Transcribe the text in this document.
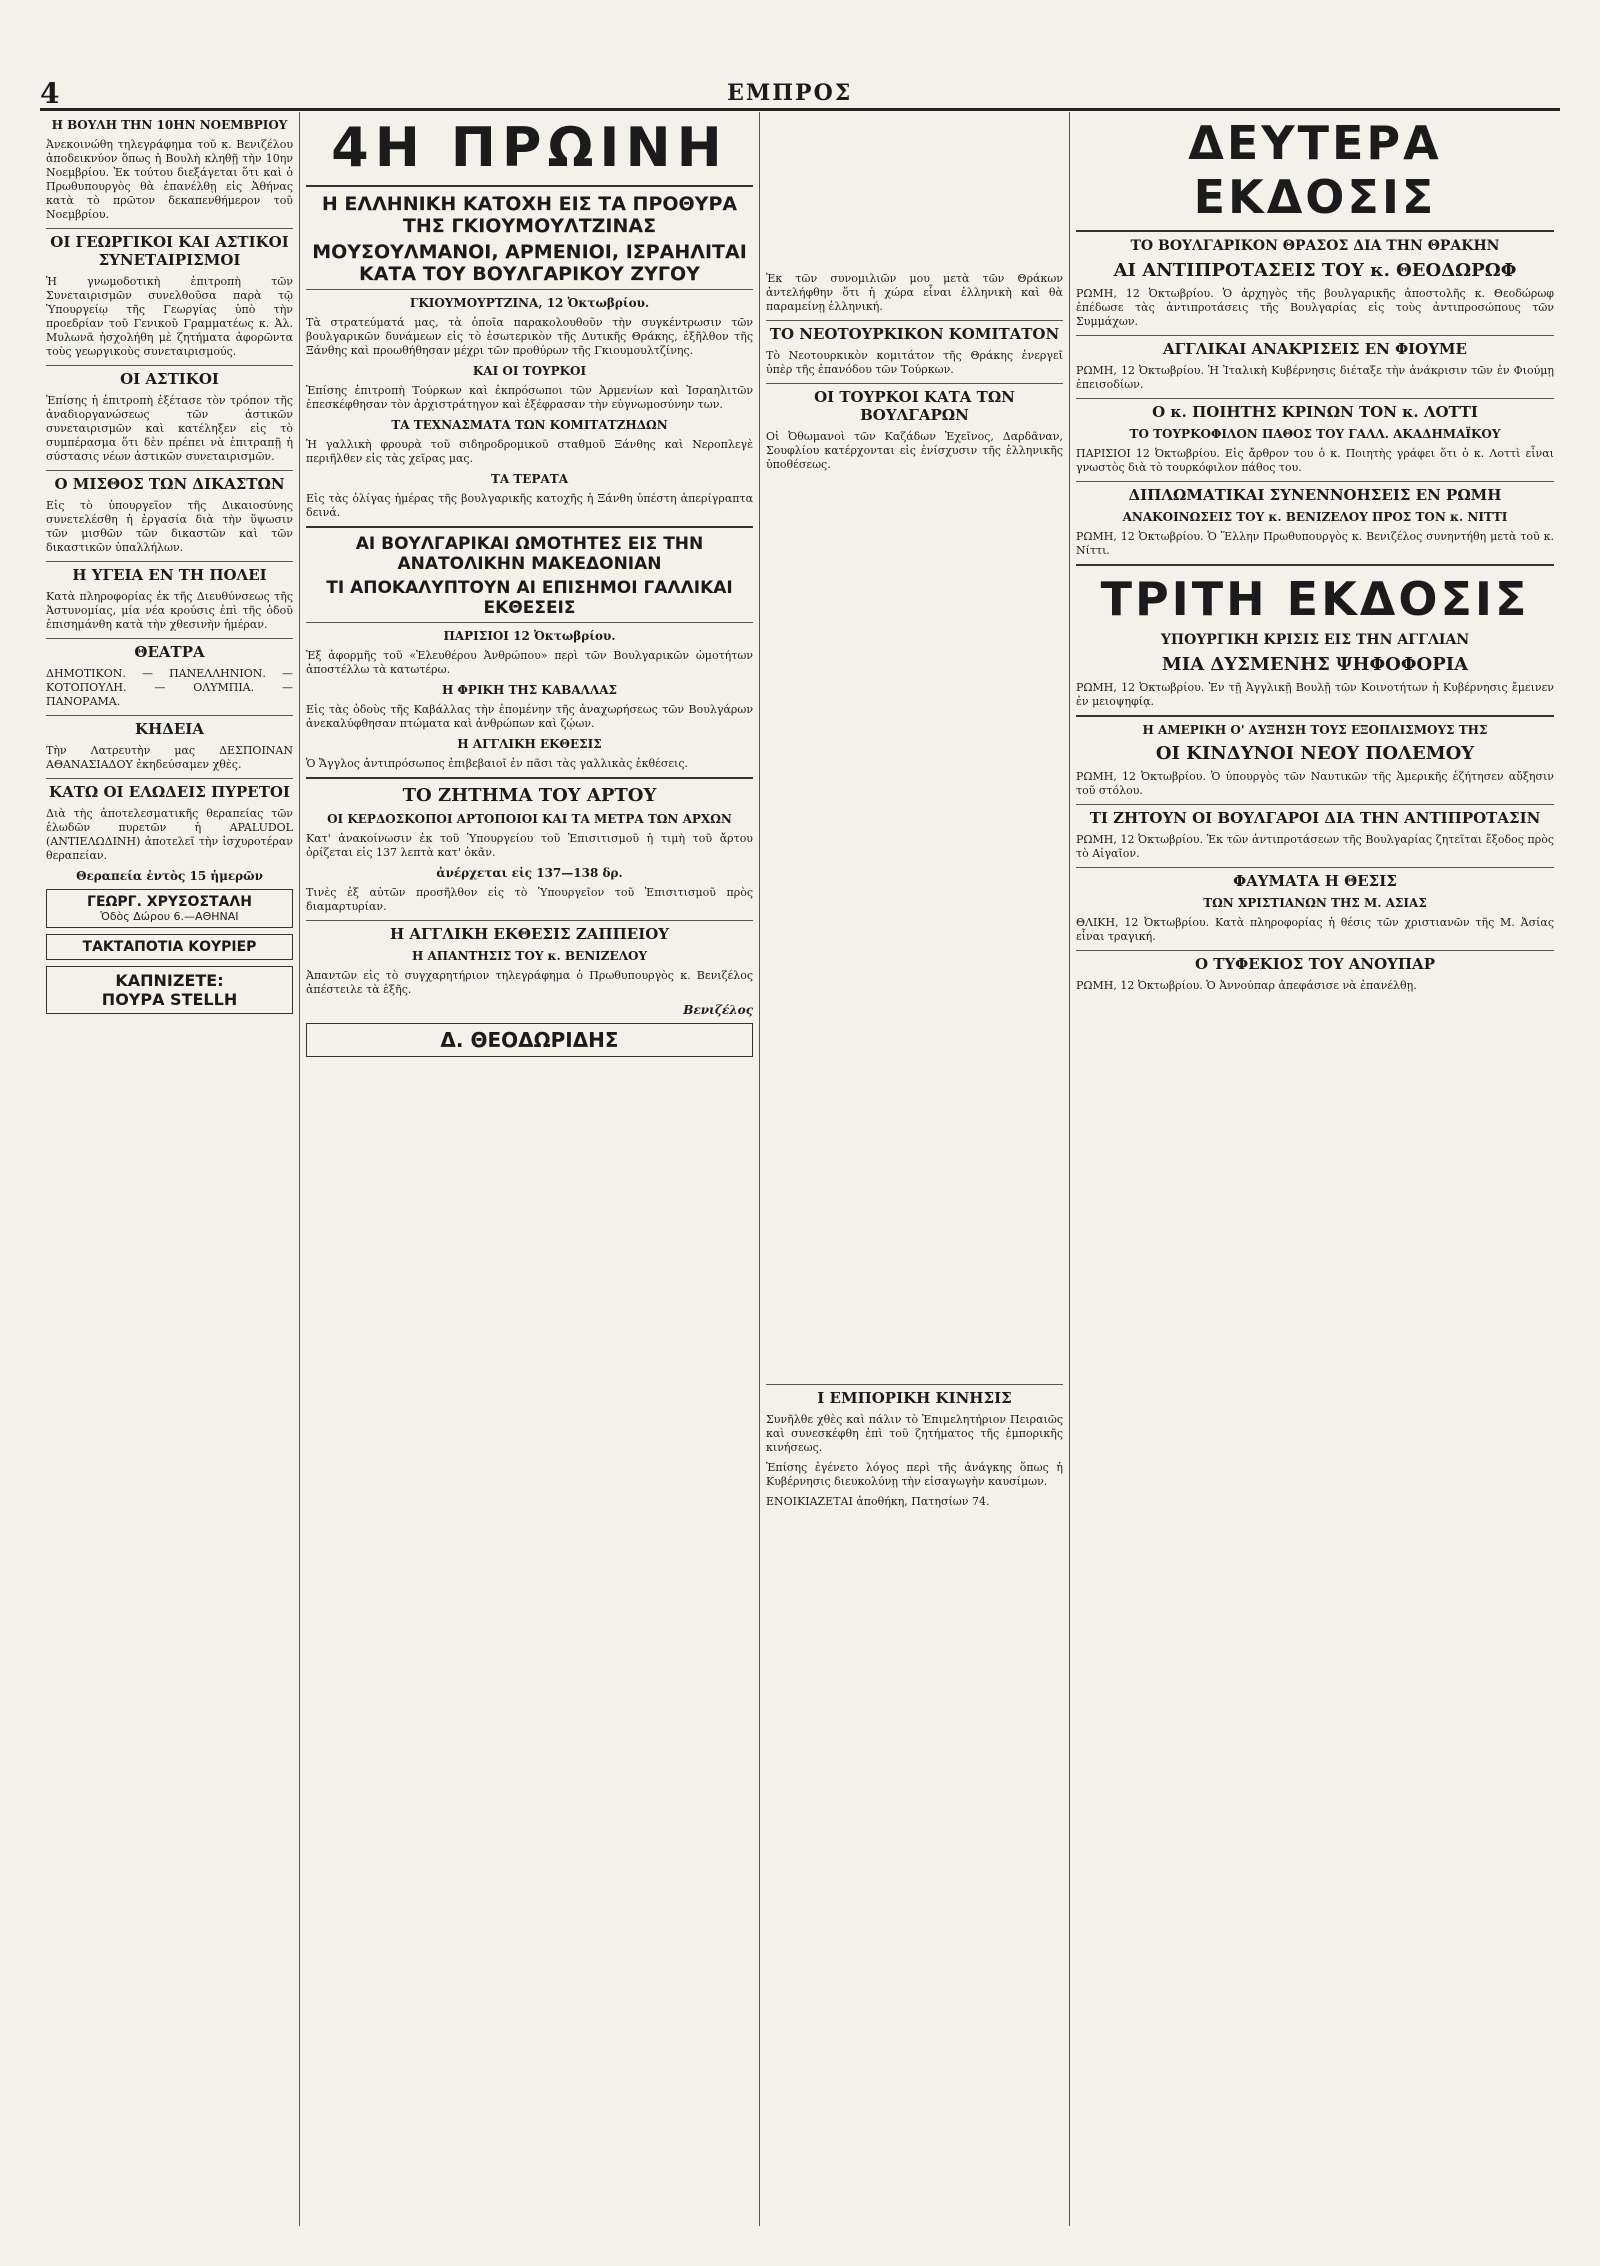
4	ΕΜΠΡΟΣ
Η ΒΟΥΛΗ ΤΗΝ 10ΗΝ ΝΟΕΜΒΡΙΟΥ

Ἀνεκοινώθη τηλεγράφημα τοῦ κ. Βενιζέλου ἀποδεικνύον ὅπως ἡ Βουλὴ κληθῇ τὴν 10ην Νοεμβρίου. Ἐκ τούτου διεξάγεται ὅτι καὶ ὁ Πρωθυπουργὸς θὰ ἐπανέλθῃ εἰς Ἀθήνας κατὰ τὸ πρῶτον δεκαπενθήμερον τοῦ Νοεμβρίου.

ΟΙ ΓΕΩΡΓΙΚΟΙ ΚΑΙ ΑΣΤΙΚΟΙ ΣΥΝΕΤΑΙΡΙΣΜΟΙ

Ἡ γνωμοδοτικὴ ἐπιτροπὴ τῶν Συνεταιρισμῶν συνελθοῦσα παρὰ τῷ Ὑπουργείῳ τῆς Γεωργίας ὑπὸ τὴν προεδρίαν τοῦ Γενικοῦ Γραμματέως κ. Ἀλ. Μυλωνᾶ ἠσχολήθη μὲ ζητήματα ἀφορῶντα τοὺς γεωργικοὺς συνεταιρισμούς.

ΟΙ ΑΣΤΙΚΟΙ

Ἐπίσης ἡ ἐπιτροπὴ ἐξέτασε τὸν τρόπον τῆς ἀναδιοργανώσεως τῶν ἀστικῶν συνεταιρισμῶν καὶ κατέληξεν εἰς τὸ συμπέρασμα ὅτι δὲν πρέπει νὰ ἐπιτραπῇ ἡ σύστασις νέων ἀστικῶν συνεταιρισμῶν.

Ο ΜΙΣΘΟΣ ΤΩΝ ΔΙΚΑΣΤΩΝ

Εἰς τὸ ὑπουργεῖον τῆς Δικαιοσύνης συνετελέσθη ἡ ἐργασία διὰ τὴν ὕψωσιν τῶν μισθῶν τῶν δικαστῶν καὶ τῶν δικαστικῶν ὑπαλλήλων.

Η ΥΓΕΙΑ ΕΝ ΤΗ ΠΟΛΕΙ

Κατὰ πληροφορίας ἐκ τῆς Διευθύνσεως τῆς Ἀστυνομίας, μία νέα κρούσις ἐπὶ τῆς ὁδοῦ ἐπισημάνθη κατὰ τὴν χθεσινὴν ἡμέραν.

ΘΕΑΤΡΑ

ΔΗΜΟΤΙΚΟΝ. — ΠΑΝΕΛΛΗΝΙΟΝ. — ΚΟΤΟΠΟΥΛΗ. — ΟΛΥΜΠΙΑ. — ΠΑΝΟΡΑΜΑ.

ΚΗΔΕΙΑ

Τὴν Λατρευτὴν μας ΔΕΣΠΟΙΝΑΝ ΑΘΑΝΑΣΙΑΔΟΥ ἐκηδεύσαμεν χθὲς.

ΚΑΤΩ ΟΙ ΕΛΩΔΕΙΣ ΠΥΡΕΤΟΙ

Διὰ τὴς ἀποτελεσματικῆς θεραπείας τῶν ἑλωδῶν πυρετῶν ἡ APALUDOL (ΑΝΤΙΕΛΩΔΙΝΗ) ἀποτελεῖ τὴν ἰσχυροτέραν θεραπείαν.

Θεραπεία ἐντὸς 15 ἡμερῶν
ΓΕΩΡΓ. ΧΡΥΣΟΣΤΑΛΗ
Ὁδὸς Δώρου 6.—ΑΘΗΝΑΙ
ΤΑΚΤΑΠΟΤΙΑ ΚΟΥΡΙΕΡ
ΚΑΠΝΙΖΕΤΕ:
ΠΟΥΡΑ STELLH
4Η ΠΡΩΙΝΗ
Η ΕΛΛΗΝΙΚΗ ΚΑΤΟΧΗ ΕΙΣ ΤΑ ΠΡΟΘΥΡΑ ΤΗΣ ΓΚΙΟΥΜΟΥΛΤΖΙΝΑΣ
ΜΟΥΣΟΥΛΜΑΝΟΙ, ΑΡΜΕΝΙΟΙ, ΙΣΡΑΗΛΙΤΑΙ ΚΑΤΑ ΤΟΥ ΒΟΥΛΓΑΡΙΚΟΥ ΖΥΓΟΥ
ΓΚΙΟΥΜΟΥΡΤΖΙΝΑ, 12 Ὀκτωβρίου.

Τὰ στρατεύματά μας, τὰ ὁποῖα παρακολουθοῦν τὴν συγκέντρωσιν τῶν βουλγαρικῶν δυνάμεων εἰς τὸ ἐσωτερικὸν τῆς Δυτικῆς Θράκης, ἐξῆλθον τῆς Ξάνθης καὶ προωθήθησαν μέχρι τῶν προθύρων τῆς Γκιουμουλτζίνης.

ΚΑΙ ΟΙ ΤΟΥΡΚΟΙ

Ἐπίσης ἐπιτροπὴ Τούρκων καὶ ἐκπρόσωποι τῶν Ἀρμενίων καὶ Ἰσραηλιτῶν ἐπεσκέφθησαν τὸν ἀρχιστράτηγον καὶ ἐξέφρασαν τὴν εὐγνωμοσύνην των.

ΤΑ ΤΕΧΝΑΣΜΑΤΑ ΤΩΝ ΚΟΜΙΤΑΤΖΗΔΩΝ

Ἡ γαλλικὴ φρουρὰ τοῦ σιδηροδρομικοῦ σταθμοῦ Ξάνθης καὶ Νεροπλεγὲ περιῆλθεν εἰς τὰς χεῖρας μας.

ΤΑ ΤΕΡΑΤΑ

Εἰς τὰς ὀλίγας ἡμέρας τῆς βουλγαρικῆς κατοχῆς ἡ Ξάνθη ὑπέστη ἀπερίγραπτα δεινά.

ΑΙ ΒΟΥΛΓΑΡΙΚΑΙ ΩΜΟΤΗΤΕΣ ΕΙΣ ΤΗΝ ΑΝΑΤΟΛΙΚΗΝ ΜΑΚΕΔΟΝΙΑΝ
ΤΙ ΑΠΟΚΑΛΥΠΤΟΥΝ ΑΙ ΕΠΙΣΗΜΟΙ ΓΑΛΛΙΚΑΙ ΕΚΘΕΣΕΙΣ
ΠΑΡΙΣΙΟΙ 12 Ὀκτωβρίου.

Ἐξ ἀφορμῆς τοῦ «Ἑλευθέρου Ἀνθρώπου» περὶ τῶν Βουλγαρικῶν ὠμοτήτων ἀποστέλλω τὰ κατωτέρω.

Η ΦΡΙΚΗ ΤΗΣ ΚΑΒΑΛΛΑΣ

Εἰς τὰς ὁδοὺς τῆς Καβάλλας τὴν ἐπομένην τῆς ἀναχωρήσεως τῶν Βουλγάρων ἀνεκαλύφθησαν πτώματα καὶ ἀνθρώπων καὶ ζῴων.

Η ΑΓΓΛΙΚΗ ΕΚΘΕΣΙΣ

Ὁ Ἄγγλος ἀντιπρόσωπος ἐπιβεβαιοῖ ἐν πᾶσι τὰς γαλλικὰς ἐκθέσεις.

ΤΟ ΖΗΤΗΜΑ ΤΟΥ ΑΡΤΟΥ
ΟΙ ΚΕΡΔΟΣΚΟΠΟΙ ΑΡΤΟΠΟΙΟΙ ΚΑΙ ΤΑ ΜΕΤΡΑ ΤΩΝ ΑΡΧΩΝ

Κατ' ἀνακοίνωσιν ἐκ τοῦ Ὑπουργείου τοῦ Ἐπισιτισμοῦ ἡ τιμὴ τοῦ ἄρτου ὁρίζεται εἰς 137 λεπτὰ κατ' ὀκᾶν.

ἀνέρχεται εἰς 137—138 δρ.

Τινὲς ἐξ αὐτῶν προσῆλθον εἰς τὸ Ὑπουργεῖον τοῦ Ἐπισιτισμοῦ πρὸς διαμαρτυρίαν.

Η ΑΓΓΛΙΚΗ ΕΚΘΕΣΙΣ ΖΑΠΠΕΙΟΥ
Η ΑΠΑΝΤΗΣΙΣ ΤΟΥ κ. ΒΕΝΙΖΕΛΟΥ

Ἀπαντῶν εἰς τὸ συγχαρητήριον τηλεγράφημα ὁ Πρωθυπουργὸς κ. Βενιζέλος ἀπέστειλε τὰ ἑξῆς.

Βενιζέλος
Δ. ΘΕΟΔΩΡΙΔΗΣ

Ἐκ τῶν συνομιλιῶν μου μετὰ τῶν Θράκων ἀντελήφθην ὅτι ἡ χώρα εἶναι ἑλληνικὴ καὶ θὰ παραμείνῃ ἑλληνική.

ΤΟ ΝΕΟΤΟΥΡΚΙΚΟΝ ΚΟΜΙΤΑΤΟΝ

Τὸ Νεοτουρκικὸν κομιτάτον τῆς Θράκης ἐνεργεῖ ὑπὲρ τῆς ἐπανόδου τῶν Τούρκων.

ΟΙ ΤΟΥΡΚΟΙ ΚΑΤΑ ΤΩΝ ΒΟΥΛΓΑΡΩΝ

Οἱ Ὀθωμανοὶ τῶν Καζάδων Ἐχεῖνος, Δαρδᾶναν, Σουφλίου κατέρχονται εἰς ἐνίσχυσιν τῆς ἑλληνικῆς ὑποθέσεως.

Ι ΕΜΠΟΡΙΚΗ ΚΙΝΗΣΙΣ

Συνῆλθε χθὲς καὶ πάλιν τὸ Ἐπιμελητήριον Πειραιῶς καὶ συνεσκέφθη ἐπὶ τοῦ ζητήματος τῆς ἐμπορικῆς κινήσεως.

Ἐπίσης ἐγένετο λόγος περὶ τῆς ἀνάγκης ὅπως ἡ Κυβέρνησις διευκολύνῃ τὴν εἰσαγωγὴν καυσίμων.

ΕΝΟΙΚΙΑΖΕΤΑΙ ἀποθήκη, Πατησίων 74.

ΔΕΥΤΕΡΑ ΕΚΔΟΣΙΣ
ΤΟ ΒΟΥΛΓΑΡΙΚΟΝ ΘΡΑΣΟΣ ΔΙΑ ΤΗΝ ΘΡΑΚΗΝ
ΑΙ ΑΝΤΙΠΡΟΤΑΣΕΙΣ ΤΟΥ κ. ΘΕΟΔΩΡΩΦ

ΡΩΜΗ, 12 Ὀκτωβρίου. Ὁ ἀρχηγὸς τῆς βουλγαρικῆς ἀποστολῆς κ. Θεοδώρωφ ἐπέδωσε τὰς ἀντιπροτάσεις τῆς Βουλγαρίας εἰς τοὺς ἀντιπροσώπους τῶν Συμμάχων.

ΑΓΓΛΙΚΑΙ ΑΝΑΚΡΙΣΕΙΣ ΕΝ ΦΙΟΥΜΕ

ΡΩΜΗ, 12 Ὀκτωβρίου. Ἡ Ἰταλικὴ Κυβέρνησις διέταξε τὴν ἀνάκρισιν τῶν ἐν Φιούμῃ ἐπεισοδίων.

Ο κ. ΠΟΙΗΤΗΣ ΚΡΙΝΩΝ ΤΟΝ κ. ΛΟΤΤΙ
ΤΟ ΤΟΥΡΚΟΦΙΛΟΝ ΠΑΘΟΣ ΤΟΥ ΓΑΛΛ. ΑΚΑΔΗΜΑΪΚΟΥ

ΠΑΡΙΣΙΟΙ 12 Ὀκτωβρίου. Εἰς ἄρθρον του ὁ κ. Ποιητὴς γράφει ὅτι ὁ κ. Λοττὶ εἶναι γνωστὸς διὰ τὸ τουρκόφιλον πάθος του.

ΔΙΠΛΩΜΑΤΙΚΑΙ ΣΥΝΕΝΝΟΗΣΕΙΣ ΕΝ ΡΩΜΗ
ΑΝΑΚΟΙΝΩΣΕΙΣ ΤΟΥ κ. ΒΕΝΙΖΕΛΟΥ ΠΡΟΣ ΤΟΝ κ. ΝΙΤΤΙ

ΡΩΜΗ, 12 Ὀκτωβρίου. Ὁ Ἕλλην Πρωθυπουργὸς κ. Βενιζέλος συνηντήθη μετὰ τοῦ κ. Νίττι.

ΤΡΙΤΗ ΕΚΔΟΣΙΣ
ΥΠΟΥΡΓΙΚΗ ΚΡΙΣΙΣ ΕΙΣ ΤΗΝ ΑΓΓΛΙΑΝ
ΜΙΑ ΔΥΣΜΕΝΗΣ ΨΗΦΟΦΟΡΙΑ

ΡΩΜΗ, 12 Ὀκτωβρίου. Ἐν τῇ Ἀγγλικῇ Βουλῇ τῶν Κοινοτήτων ἡ Κυβέρνησις ἔμεινεν ἐν μειοψηφίᾳ.

Η ΑΜΕΡΙΚΗ Ο' ΑΥΞΗΣΗ ΤΟΥΣ ΕΞΟΠΛΙΣΜΟΥΣ ΤΗΣ
ΟΙ ΚΙΝΔΥΝΟΙ ΝΕΟΥ ΠΟΛΕΜΟΥ

ΡΩΜΗ, 12 Ὀκτωβρίου. Ὁ ὑπουργὸς τῶν Ναυτικῶν τῆς Ἀμερικῆς ἐζήτησεν αὔξησιν τοῦ στόλου.

ΤΙ ΖΗΤΟΥΝ ΟΙ ΒΟΥΛΓΑΡΟΙ ΔΙΑ ΤΗΝ ΑΝΤΙΠΡΟΤΑΣΙΝ

ΡΩΜΗ, 12 Ὀκτωβρίου. Ἐκ τῶν ἀντιπροτάσεων τῆς Βουλγαρίας ζητεῖται ἔξοδος πρὸς τὸ Αἰγαῖον.

ΦΑΥΜΑΤΑ Η ΘΕΣΙΣ
ΤΩΝ ΧΡΙΣΤΙΑΝΩΝ ΤΗΣ Μ. ΑΣΙΑΣ

ΘΛΙΚΗ, 12 Ὀκτωβρίου. Κατὰ πληροφορίας ἡ θέσις τῶν χριστιανῶν τῆς Μ. Ἀσίας εἶναι τραγική.

Ο ΤΥΦΕΚΙΟΣ ΤΟΥ ΑΝΟΥΠΑΡ

ΡΩΜΗ, 12 Ὀκτωβρίου. Ὁ Ἀννούπαρ ἀπεφάσισε νὰ ἐπανέλθῃ.
